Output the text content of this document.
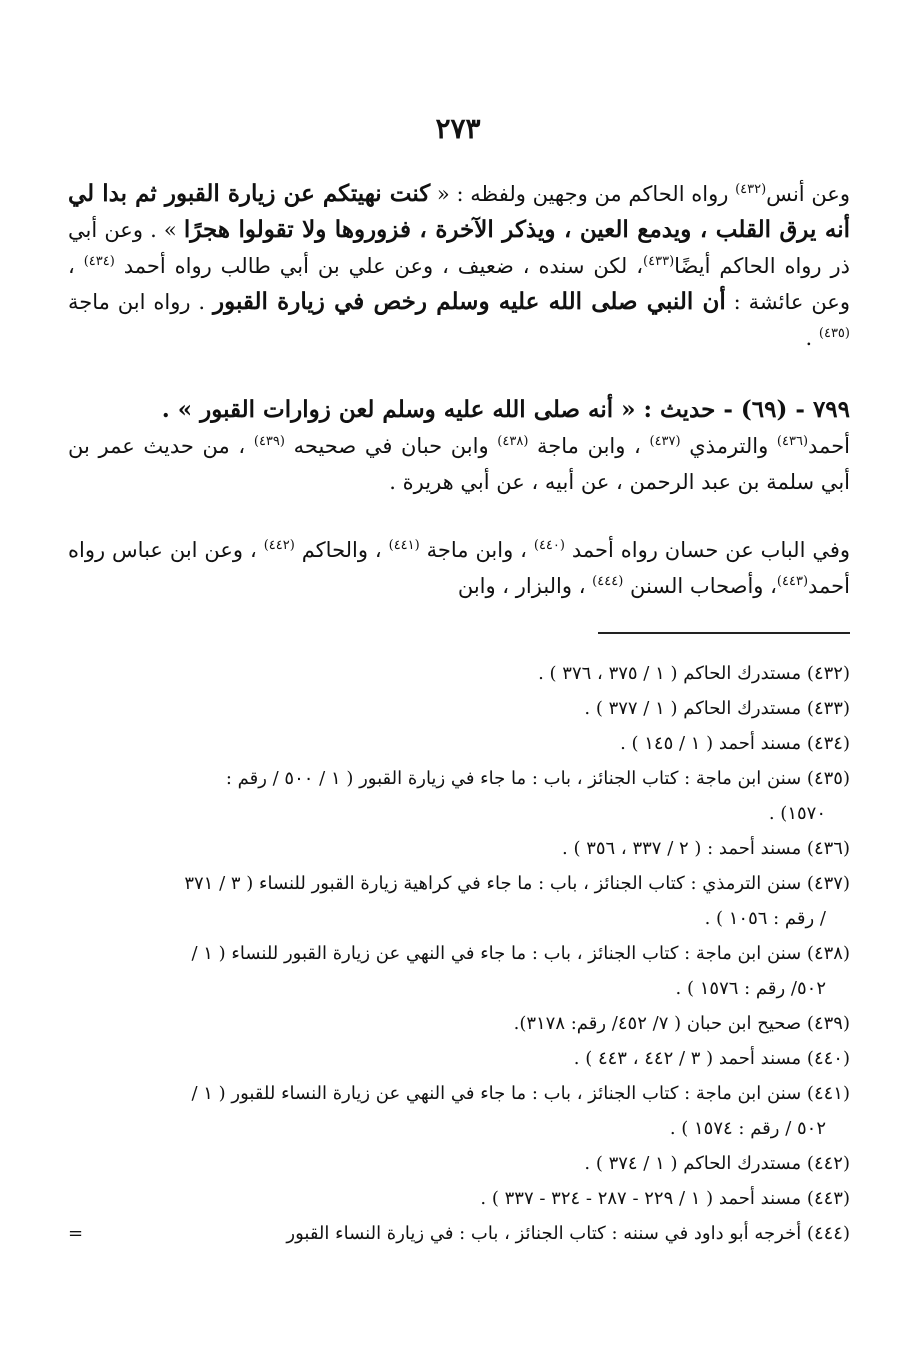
٢٧٣

وعن أنس$^{(٤٣٢)}$ رواه الحاكم من وجهين ولفظه : « كنت نهيتكم عن زيارة القبور ثم بدا لي أنه يرق القلب ، ويدمع العين ، ويذكر الآخرة ، فزوروها ولا تقولوا هجرًا » . وعن أبي ذر رواه الحاكم أيضًا$^{(٤٣٣)}$، لكن سنده ، ضعيف ، وعن علي بن أبي طالب رواه أحمد $^{(٤٣٤)}$ ، وعن عائشة : أن النبي صلى الله عليه وسلم رخص في زيارة القبور . رواه ابن ماجة $^{(٤٣٥)}$ .

٧٩٩ - (٦٩) - حديث : « أنه صلى الله عليه وسلم لعن زوارات القبور » .
أحمد$^{(٤٣٦)}$ والترمذي $^{(٤٣٧)}$ ، وابن ماجة $^{(٤٣٨)}$ وابن حبان في صحيحه $^{(٤٣٩)}$ ، من حديث عمر بن أبي سلمة بن عبد الرحمن ، عن أبيه ، عن أبي هريرة .

وفي الباب عن حسان رواه أحمد $^{(٤٤٠)}$ ، وابن ماجة $^{(٤٤١)}$ ، والحاكم $^{(٤٤٢)}$ ، وعن ابن عباس رواه أحمد$^{(٤٤٣)}$، وأصحاب السنن $^{(٤٤٤)}$ ، والبزار ، وابن

(٤٣٢) مستدرك الحاكم ( ١ / ٣٧٥ ، ٣٧٦ ) .

(٤٣٣) مستدرك الحاكم ( ١ / ٣٧٧ ) .

(٤٣٤) مسند أحمد ( ١ / ١٤٥ ) .

(٤٣٥) سنن ابن ماجة : كتاب الجنائز ، باب : ما جاء في زيارة القبور ( ١ / ٥٠٠ / رقم :
١٥٧٠) .

(٤٣٦) مسند أحمد : ( ٢ / ٣٣٧ ، ٣٥٦ ) .

(٤٣٧) سنن الترمذي : كتاب الجنائز ، باب : ما جاء في كراهية زيارة القبور للنساء ( ٣ / ٣٧١
/ رقم : ١٠٥٦ ) .

(٤٣٨) سنن ابن ماجة : كتاب الجنائز ، باب : ما جاء في النهي عن زيارة القبور للنساء ( ١ /
٥٠٢/ رقم : ١٥٧٦ ) .

(٤٣٩) صحيح ابن حبان ( ٧/ ٤٥٢/ رقم: ٣١٧٨).

(٤٤٠) مسند أحمد ( ٣ / ٤٤٢ ، ٤٤٣ ) .

(٤٤١) سنن ابن ماجة : كتاب الجنائز ، باب : ما جاء في النهي عن زيارة النساء للقبور ( ١ /
٥٠٢ / رقم : ١٥٧٤ ) .

(٤٤٢) مستدرك الحاكم ( ١ / ٣٧٤ ) .

(٤٤٣) مسند أحمد ( ١ / ٢٢٩ - ٢٨٧ - ٣٢٤ - ٣٣٧ ) .

(٤٤٤) أخرجه أبو داود في سننه : كتاب الجنائز ، باب : في زيارة النساء القبور
=
